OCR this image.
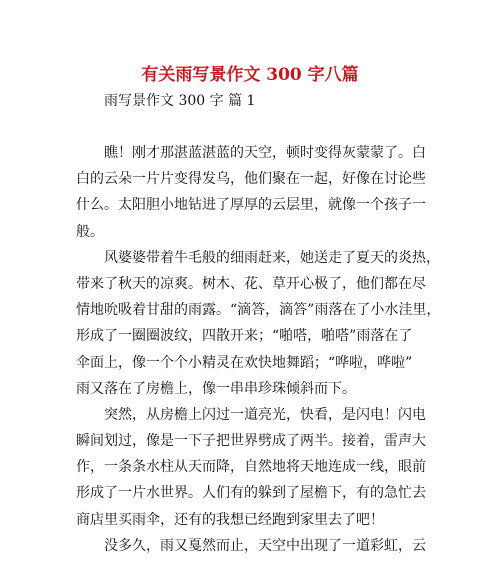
有关雨写景作文 300 字八篇
雨写景作文 300 字 篇 1
瞧！刚才那湛蓝湛蓝的天空，顿时变得灰蒙蒙了。白
白的云朵一片片变得发乌，他们聚在一起，好像在讨论些
什么。太阳胆小地钻进了厚厚的云层里，就像一个孩子一
般。
风婆婆带着牛毛般的细雨赶来，她送走了夏天的炎热，
带来了秋天的凉爽。树木、花、草开心极了，他们都在尽
情地吮吸着甘甜的雨露。“滴答，滴答”雨落在了小水洼里，
形成了一圈圈波纹，四散开来；“啪嗒，啪嗒”雨落在了
伞面上，像一个个小精灵在欢快地舞蹈；“哗啦，哗啦”
雨又落在了房檐上，像一串串珍珠倾斜而下。
突然，从房檐上闪过一道亮光，快看，是闪电！闪电
瞬间划过，像是一下子把世界劈成了两半。接着，雷声大
作，一条条水柱从天而降，自然地将天地连成一线，眼前
形成了一片水世界。人们有的躲到了屋檐下，有的急忙去
商店里买雨伞，还有的我想已经跑到家里去了吧！
没多久，雨又戛然而止，天空中出现了一道彩虹，云
